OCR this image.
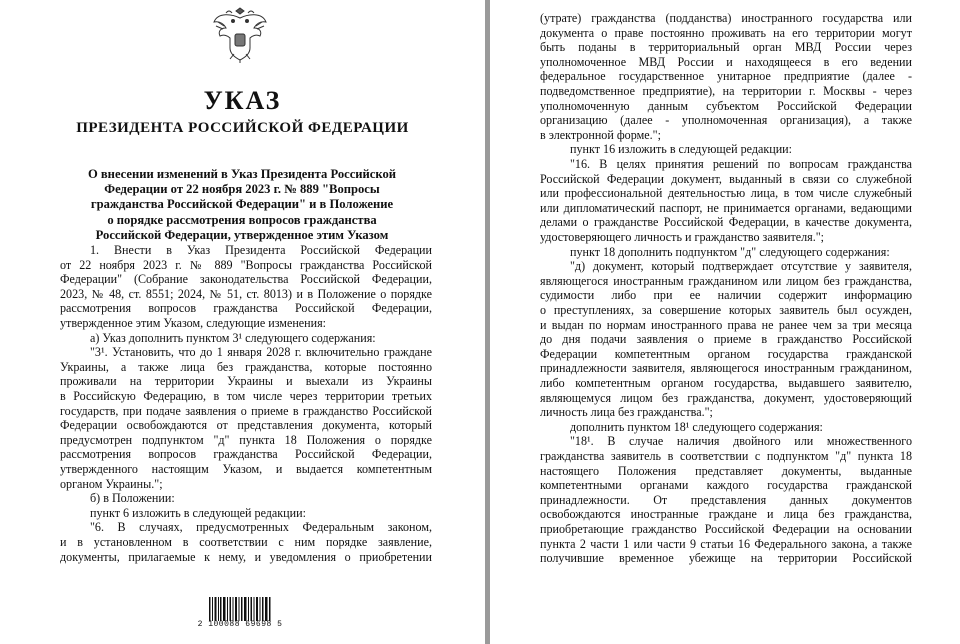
УКАЗ
ПРЕЗИДЕНТА РОССИЙСКОЙ ФЕДЕРАЦИИ
О внесении изменений в Указ Президента Российской
Федерации от 22 ноября 2023 г. № 889 "Вопросы
гражданства Российской Федерации" и в Положение
о порядке рассмотрения вопросов гражданства
Российской Федерации, утвержденное этим Указом
1. Внести в Указ Президента Российской Федерации
от 22 ноября 2023 г. № 889 "Вопросы гражданства Российской
Федерации" (Собрание законодательства Российской Федерации,
2023, № 48, ст. 8551; 2024, № 51, ст. 8013) и в Положение о порядке
рассмотрения вопросов гражданства Российской Федерации,
утвержденное этим Указом, следующие изменения:
а) Указ дополнить пунктом 3¹ следующего содержания:
"3¹. Установить, что до 1 января 2028 г. включительно граждане
Украины, а также лица без гражданства, которые постоянно
проживали на территории Украины и выехали из Украины
в Российскую Федерацию, в том числе через территории третьих
государств, при подаче заявления о приеме в гражданство Российской
Федерации освобождаются от представления документа, который
предусмотрен подпунктом "д" пункта 18 Положения о порядке
рассмотрения вопросов гражданства Российской Федерации,
утвержденного настоящим Указом, и выдается компетентным
органом Украины.";
б) в Положении:
пункт 6 изложить в следующей редакции:
"6. В случаях, предусмотренных Федеральным законом,
и в установленном в соответствии с ним порядке заявление,
документы, прилагаемые к нему, и уведомления о приобретении
2 100088 69698 5
(утрате) гражданства (подданства) иностранного государства или
документа о праве постоянно проживать на его территории могут
быть поданы в территориальный орган МВД России через
уполномоченное МВД России и находящееся в его ведении
федеральное государственное унитарное предприятие (далее -
подведомственное предприятие), на территории г. Москвы - через
уполномоченную данным субъектом Российской Федерации
организацию (далее - уполномоченная организация), а также
в электронной форме.";
пункт 16 изложить в следующей редакции:
"16. В целях принятия решений по вопросам гражданства
Российской Федерации документ, выданный в связи со служебной
или профессиональной деятельностью лица, в том числе служебный
или дипломатический паспорт, не принимается органами, ведающими
делами о гражданстве Российской Федерации, в качестве документа,
удостоверяющего личность и гражданство заявителя.";
пункт 18 дополнить подпунктом "д" следующего содержания:
"д) документ, который подтверждает отсутствие у заявителя,
являющегося иностранным гражданином или лицом без гражданства,
судимости либо при ее наличии содержит информацию
о преступлениях, за совершение которых заявитель был осужден,
и выдан по нормам иностранного права не ранее чем за три месяца
до дня подачи заявления о приеме в гражданство Российской
Федерации компетентным органом государства гражданской
принадлежности заявителя, являющегося иностранным гражданином,
либо компетентным органом государства, выдавшего заявителю,
являющемуся лицом без гражданства, документ, удостоверяющий
личность лица без гражданства.";
дополнить пунктом 18¹ следующего содержания:
"18¹. В случае наличия двойного или множественного
гражданства заявитель в соответствии с подпунктом "д" пункта 18
настоящего Положения представляет документы, выданные
компетентными органами каждого государства гражданской
принадлежности. От представления данных документов
освобождаются иностранные граждане и лица без гражданства,
приобретающие гражданство Российской Федерации на основании
пункта 2 части 1 или части 9 статьи 16 Федерального закона, а также
получившие временное убежище на территории Российской
